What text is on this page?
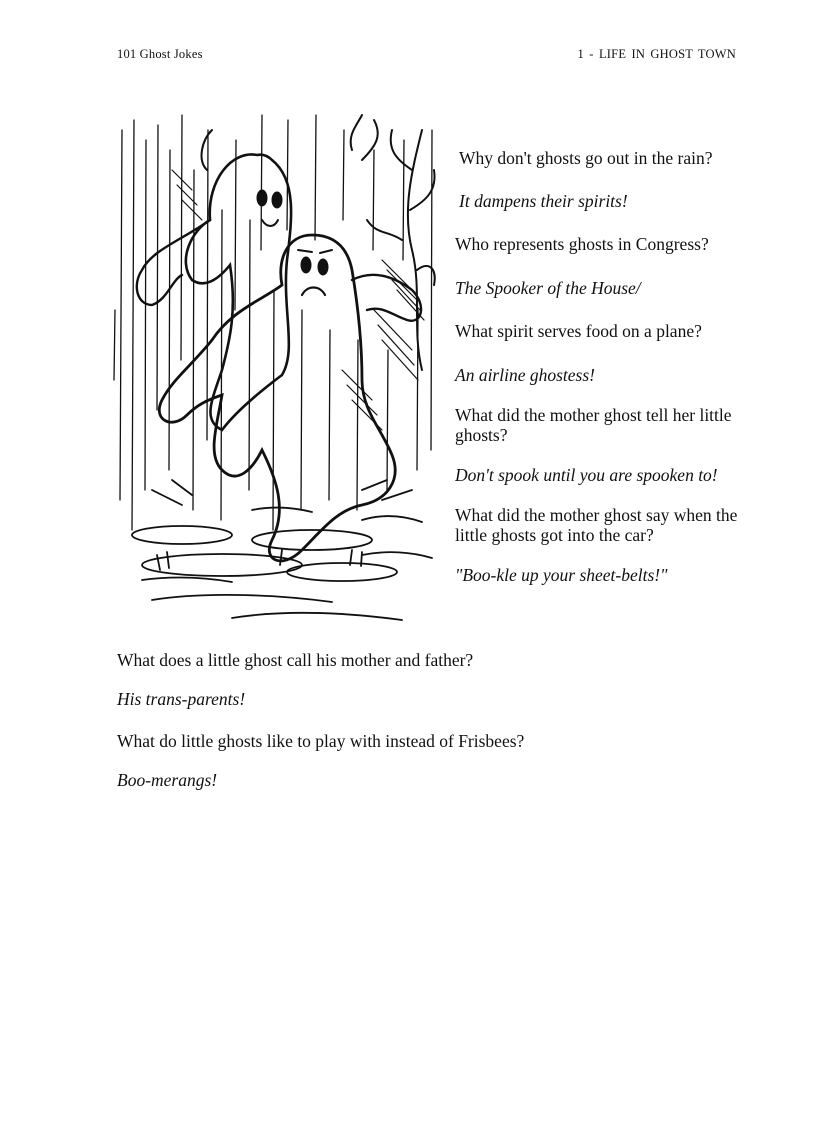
101 Ghost Jokes	1 - LIFE IN GHOST TOWN

Why don't ghosts go out in the rain?

It dampens their spirits!

Who represents ghosts in Congress?

The Spooker of the House/

What spirit serves food on a plane?

An airline ghostess!

What did the mother ghost tell her little ghosts?

Don't spook until you are spooken to!

What did the mother ghost say when the little ghosts got into the car?

"Boo-kle up your sheet-belts!"

What does a little ghost call his mother and father?

His trans-parents!

What do little ghosts like to play with instead of Frisbees?

Boo-merangs!
